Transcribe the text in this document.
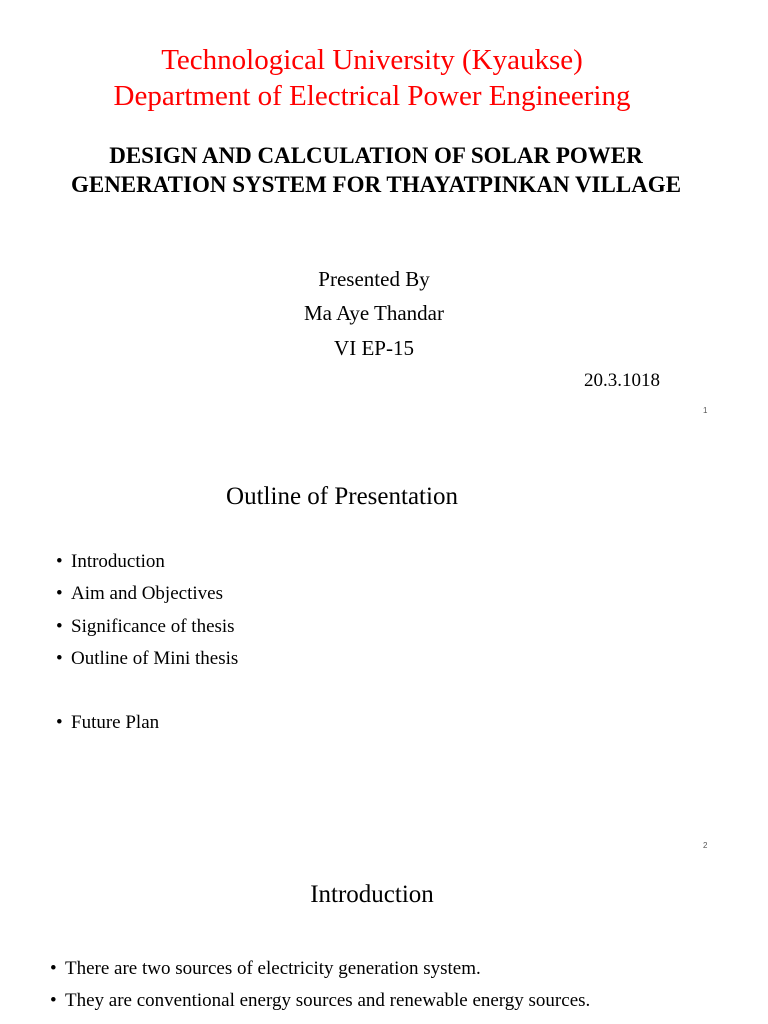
Technological University (Kyaukse)
Department of Electrical Power Engineering
DESIGN AND CALCULATION OF SOLAR POWER GENERATION SYSTEM FOR THAYATPINKAN VILLAGE
Presented By
Ma Aye Thandar
VI EP-15
20.3.1018
1
Outline of Presentation
• Introduction
• Aim and Objectives
• Significance of thesis
• Outline of Mini thesis
• Future Plan
2
Introduction
• There are two sources of electricity generation system.
• They are conventional energy sources and renewable energy sources.
